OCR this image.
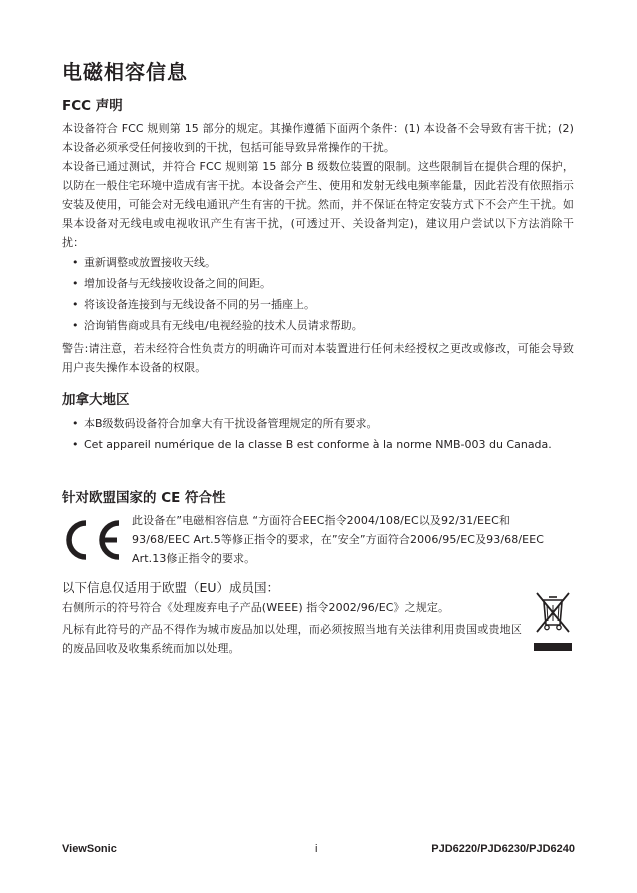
电磁相容信息
FCC 声明

本设备符合 FCC 规则第 15 部分的规定。其操作遵循下面两个条件：(1) 本设备不会导致有害干扰；(2) 本设备必须承受任何接收到的干扰，包括可能导致异常操作的干扰。

本设备已通过测试，并符合 FCC 规则第 15 部分 B 级数位装置的限制。这些限制旨在提供合理的保护，以防在一般住宅环境中造成有害干扰。本设备会产生、使用和发射无线电频率能量，因此若没有依照指示安装及使用，可能会对无线电通讯产生有害的干扰。然而，并不保证在特定安装方式下不会产生干扰。如果本设备对无线电或电视收讯产生有害干扰，(可透过开、关设备判定)，建议用户尝试以下方法消除干扰：

• 重新调整或放置接收天线。
• 增加设备与无线接收设备之间的间距。
• 将该设备连接到与无线设备不同的另一插座上。
• 洽询销售商或具有无线电/电视经验的技术人员请求帮助。

警告:请注意，若未经符合性负责方的明确许可而对本装置进行任何未经授权之更改或修改，可能会导致用户丧失操作本设备的权限。

加拿大地区
• 本B级数码设备符合加拿大有干扰设备管理规定的所有要求。
• Cet appareil numérique de la classe B est conforme à la norme NMB-003 du Canada.
针对欧盟国家的 CE 符合性

此设备在”电磁相容信息 “方面符合EEC指令2004/108/EC以及92/31/EEC和93/68/EEC Art.5等修正指令的要求，在”安全”方面符合2006/95/EC及93/68/EEC Art.13修正指令的要求。

以下信息仅适用于欧盟（EU）成员国：

右侧所示的符号符合《处理废弃电子产品(WEEE) 指令2002/96/EC》之规定。

凡标有此符号的产品不得作为城市废品加以处理，而必须按照当地有关法律利用贵国或贵地区的废品回收及收集系统而加以处理。

ViewSonic	i	PJD6220/PJD6230/PJD6240
